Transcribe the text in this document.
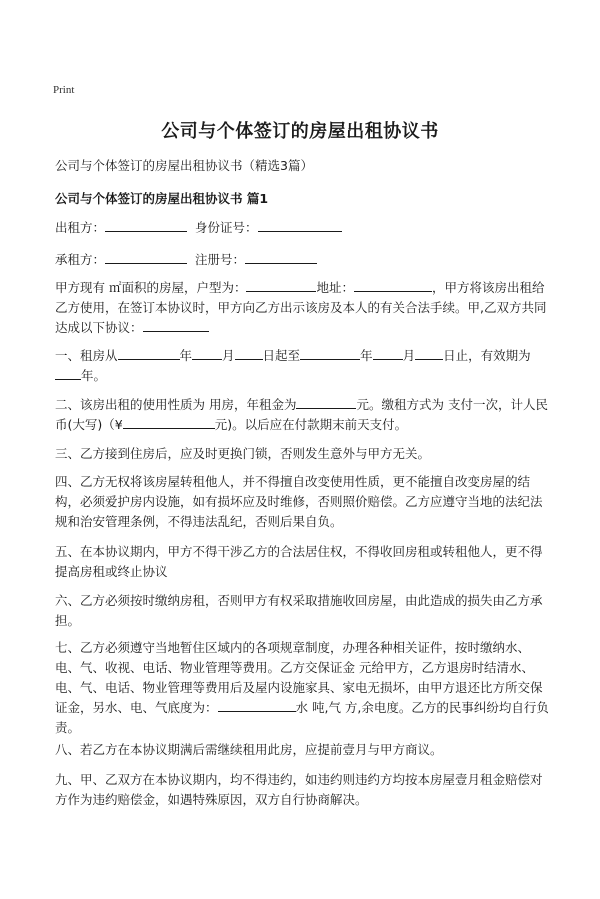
Print
公司与个体签订的房屋出租协议书
公司与个体签订的房屋出租协议书（精选3篇）
公司与个体签订的房屋出租协议书 篇1
出租方：	身份证号：
承租方：	注册号：
甲方现有 ㎡面积的房屋，户型为：	地址：	，甲方将该房出租给乙方使用，在签订本协议时，甲方向乙方出示该房及本人的有关合法手续。甲,乙双方共同达成以下协议：
一、租房从	年 月 日起至	年 月 日止，有效期为年。
二、该房出租的使用性质为 用房，年租金为	元。缴租方式为 支付一次，计人民币(大写)（¥	元)。以后应在付款期末前天支付。
三、乙方接到住房后，应及时更换门锁，否则发生意外与甲方无关。
四、乙方无权将该房屋转租他人，并不得擅自改变使用性质，更不能擅自改变房屋的结构，必须爱护房内设施，如有损坏应及时维修，否则照价赔偿。乙方应遵守当地的法纪法规和治安管理条例，不得违法乱纪，否则后果自负。
五、在本协议期内，甲方不得干涉乙方的合法居住权，不得收回房租或转租他人，更不得提高房租或终止协议
六、乙方必须按时缴纳房租，否则甲方有权采取措施收回房屋，由此造成的损失由乙方承担。
七、乙方必须遵守当地暂住区域内的各项规章制度，办理各种相关证件，按时缴纳水、电、气、收视、电话、物业管理等费用。乙方交保证金 元给甲方，乙方退房时结清水、电、气、电话、物业管理等费用后及屋内设施家具、家电无损坏，由甲方退还比方所交保证金，另水、电、气底度为：	水 吨,气 方,余电度。乙方的民事纠纷均自行负责。
八、若乙方在本协议期满后需继续租用此房，应提前壹月与甲方商议。
九、甲、乙双方在本协议期内，均不得违约，如违约则违约方均按本房屋壹月租金赔偿对方作为违约赔偿金，如遇特殊原因，双方自行协商解决。
